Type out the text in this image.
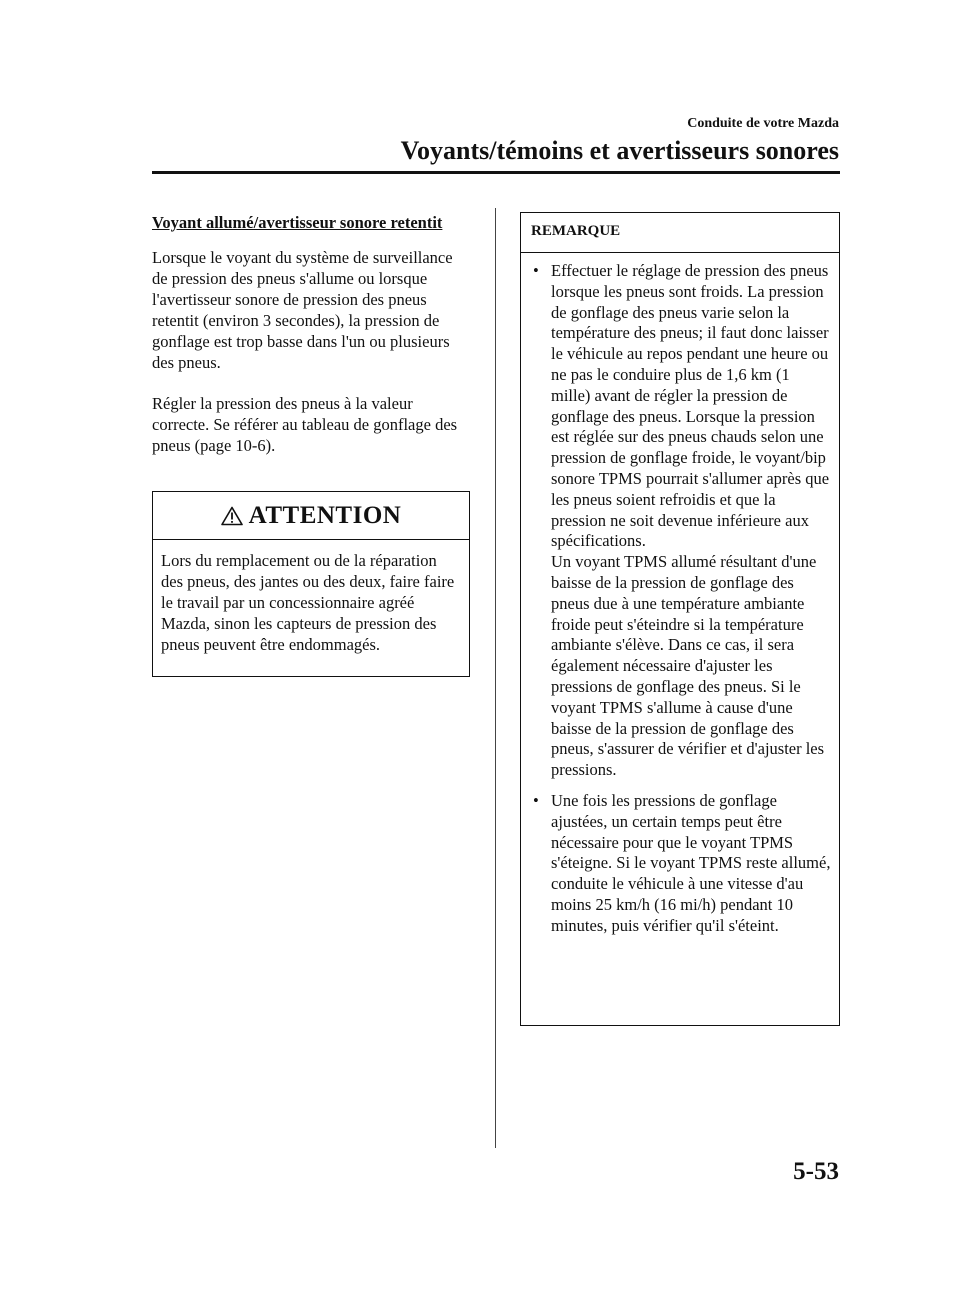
Conduite de votre Mazda

Voyants/témoins et avertisseurs sonores

Voyant allumé/avertisseur sonore retentit

Lorsque le voyant du système de surveillance de pression des pneus s'allume ou lorsque l'avertisseur sonore de pression des pneus retentit (environ 3 secondes), la pression de gonflage est trop basse dans l'un ou plusieurs des pneus.

Régler la pression des pneus à la valeur correcte. Se référer au tableau de gonflage des pneus (page 10-6).

ATTENTION
Lors du remplacement ou de la réparation des pneus, des jantes ou des deux, faire faire le travail par un concessionnaire agréé Mazda, sinon les capteurs de pression des pneus peuvent être endommagés.
REMARQUE
• Effectuer le réglage de pression des pneus lorsque les pneus sont froids. La pression de gonflage des pneus varie selon la température des pneus; il faut donc laisser le véhicule au repos pendant une heure ou ne pas le conduire plus de 1,6 km (1 mille) avant de régler la pression de gonflage des pneus. Lorsque la pression est réglée sur des pneus chauds selon une pression de gonflage froide, le voyant/bip sonore TPMS pourrait s'allumer après que les pneus soient refroidis et que la pression ne soit devenue inférieure aux spécifications.
Un voyant TPMS allumé résultant d'une baisse de la pression de gonflage des pneus due à une température ambiante froide peut s'éteindre si la température ambiante s'élève. Dans ce cas, il sera également nécessaire d'ajuster les pressions de gonflage des pneus. Si le voyant TPMS s'allume à cause d'une baisse de la pression de gonflage des pneus, s'assurer de vérifier et d'ajuster les pressions.
• Une fois les pressions de gonflage ajustées, un certain temps peut être nécessaire pour que le voyant TPMS s'éteigne. Si le voyant TPMS reste allumé, conduite le véhicule à une vitesse d'au moins 25 km/h (16 mi/h) pendant 10 minutes, puis vérifier qu'il s'éteint.
5-53
